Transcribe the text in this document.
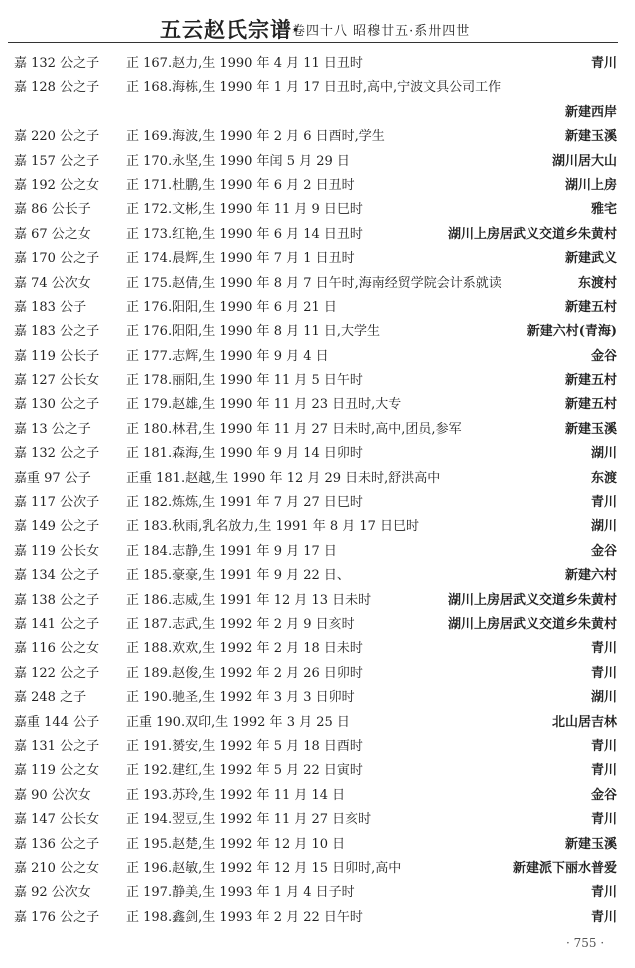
五云赵氏宗谱·
卷四十八 昭穆廿五·系卅四世
嘉 132 公之子 正 167.赵力,生 1990 年 4 月 11 日丑时	青川
嘉 128 公之子 正 168.海栋,生 1990 年 1 月 17 日丑时,高中,宁波文具公司工作
新建西岸
嘉 220 公之子 正 169.海波,生 1990 年 2 月 6 日酉时,学生	新建玉溪
嘉 157 公之子 正 170.永坚,生 1990 年闰 5 月 29 日	湖川居大山
嘉 192 公之女 正 171.杜鹏,生 1990 年 6 月 2 日丑时	湖川上房
嘉 86 公长子	正 172.文彬,生 1990 年 11 月 9 日巳时	雅宅
嘉 67 公之女	正 173.红艳,生 1990 年 6 月 14 日丑时	湖川上房居武义交道乡朱黄村
嘉 170 公之子 正 174.晨辉,生 1990 年 7 月 1 日丑时	新建武义
嘉 74 公次女	正 175.赵倩,生 1990 年 8 月 7 日午时,海南经贸学院会计系就读	东渡村
嘉 183 公子	正 176.阳阳,生 1990 年 6 月 21 日	新建五村
嘉 183 公之子 正 176.阳阳,生 1990 年 8 月 11 日,大学生	新建六村(青海)
嘉 119 公长子 正 177.志辉,生 1990 年 9 月 4 日	金谷
嘉 127 公长女 正 178.丽阳,生 1990 年 11 月 5 日午时	新建五村
嘉 130 公之子 正 179.赵雄,生 1990 年 11 月 23 日丑时,大专	新建五村
嘉 13 公之子	正 180.林君,生 1990 年 11 月 27 日未时,高中,团员,参军	新建玉溪
嘉 132 公之子 正 181.森海,生 1990 年 9 月 14 日卯时	湖川
嘉重 97 公子	正重 181.赵越,生 1990 年 12 月 29 日未时,舒洪高中	东渡
嘉 117 公次子 正 182.炼炼,生 1991 年 7 月 27 日巳时	青川
嘉 149 公之子 正 183.秋雨,乳名放力,生 1991 年 8 月 17 日巳时	湖川
嘉 119 公长女 正 184.志静,生 1991 年 9 月 17 日	金谷
嘉 134 公之子 正 185.豪豪,生 1991 年 9 月 22 日、	新建六村
嘉 138 公之子 正 186.志威,生 1991 年 12 月 13 日未时	湖川上房居武义交道乡朱黄村
嘉 141 公之子 正 187.志武,生 1992 年 2 月 9 日亥时	湖川上房居武义交道乡朱黄村
嘉 116 公之女 正 188.欢欢,生 1992 年 2 月 18 日未时	青川
嘉 122 公之子 正 189.赵俊,生 1992 年 2 月 26 日卯时	青川
嘉 248 之子	正 190.驰圣,生 1992 年 3 月 3 日卯时	湖川
嘉重 144 公子 正重 190.双印,生 1992 年 3 月 25 日	北山居吉林
嘉 131 公之子 正 191.赟安,生 1992 年 5 月 18 日酉时	青川
嘉 119 公之女 正 192.建红,生 1992 年 5 月 22 日寅时	青川
嘉 90 公次女	正 193.苏玲,生 1992 年 11 月 14 日	金谷
嘉 147 公长女 正 194.翌豆,生 1992 年 11 月 27 日亥时	青川
嘉 136 公之子 正 195.赵楚,生 1992 年 12 月 10 日	新建玉溪
嘉 210 公之女 正 196.赵敏,生 1992 年 12 月 15 日卯时,高中	新建派下丽水普爱
嘉 92 公次女	正 197.静美,生 1993 年 1 月 4 日子时	青川
嘉 176 公之子 正 198.鑫剑,生 1993 年 2 月 22 日午时	青川
· 755 ·
